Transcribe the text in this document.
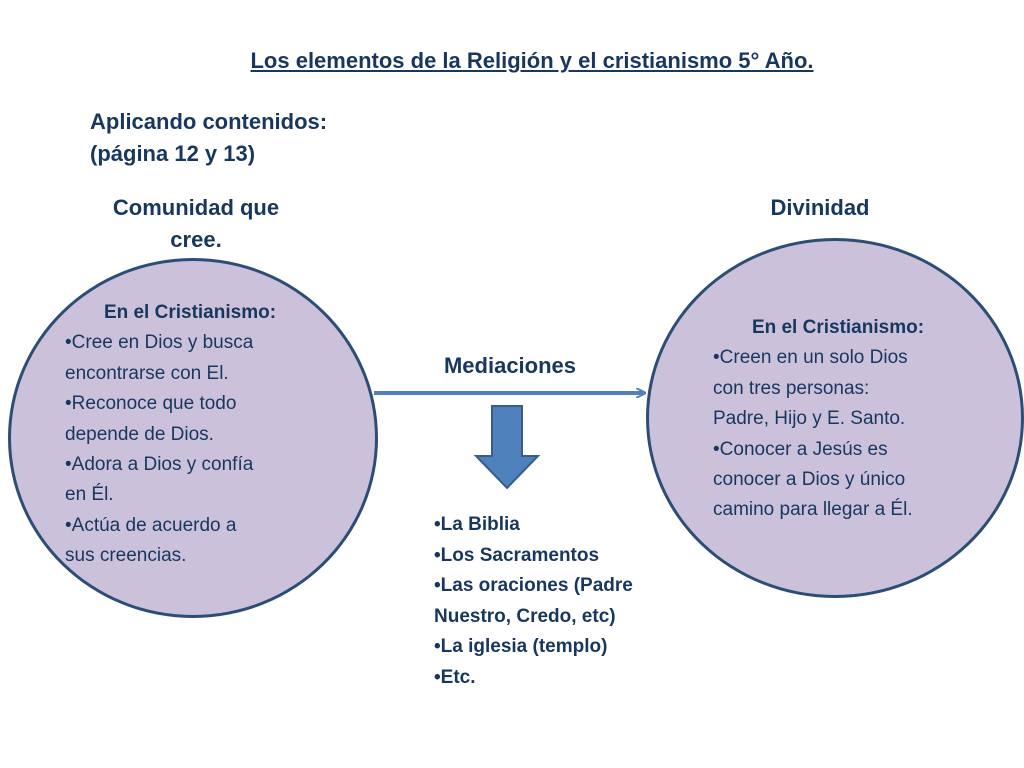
Los elementos de la Religión y el cristianismo 5° Año.
Aplicando contenidos:
(página 12 y 13)
Comunidad que
cree.
Divinidad
Mediaciones
En el Cristianismo:
•Cree en Dios y busca
encontrarse con El.
•Reconoce que todo
depende de Dios.
•Adora a Dios y confía
en Él.
•Actúa de acuerdo a
sus creencias.
En el Cristianismo:
•Creen en un solo Dios
con tres personas:
Padre, Hijo y E. Santo.
•Conocer a Jesús es
conocer a Dios y único
camino para llegar a Él.
•La Biblia
•Los Sacramentos
•Las oraciones (Padre
Nuestro, Credo, etc)
•La iglesia (templo)
•Etc.
